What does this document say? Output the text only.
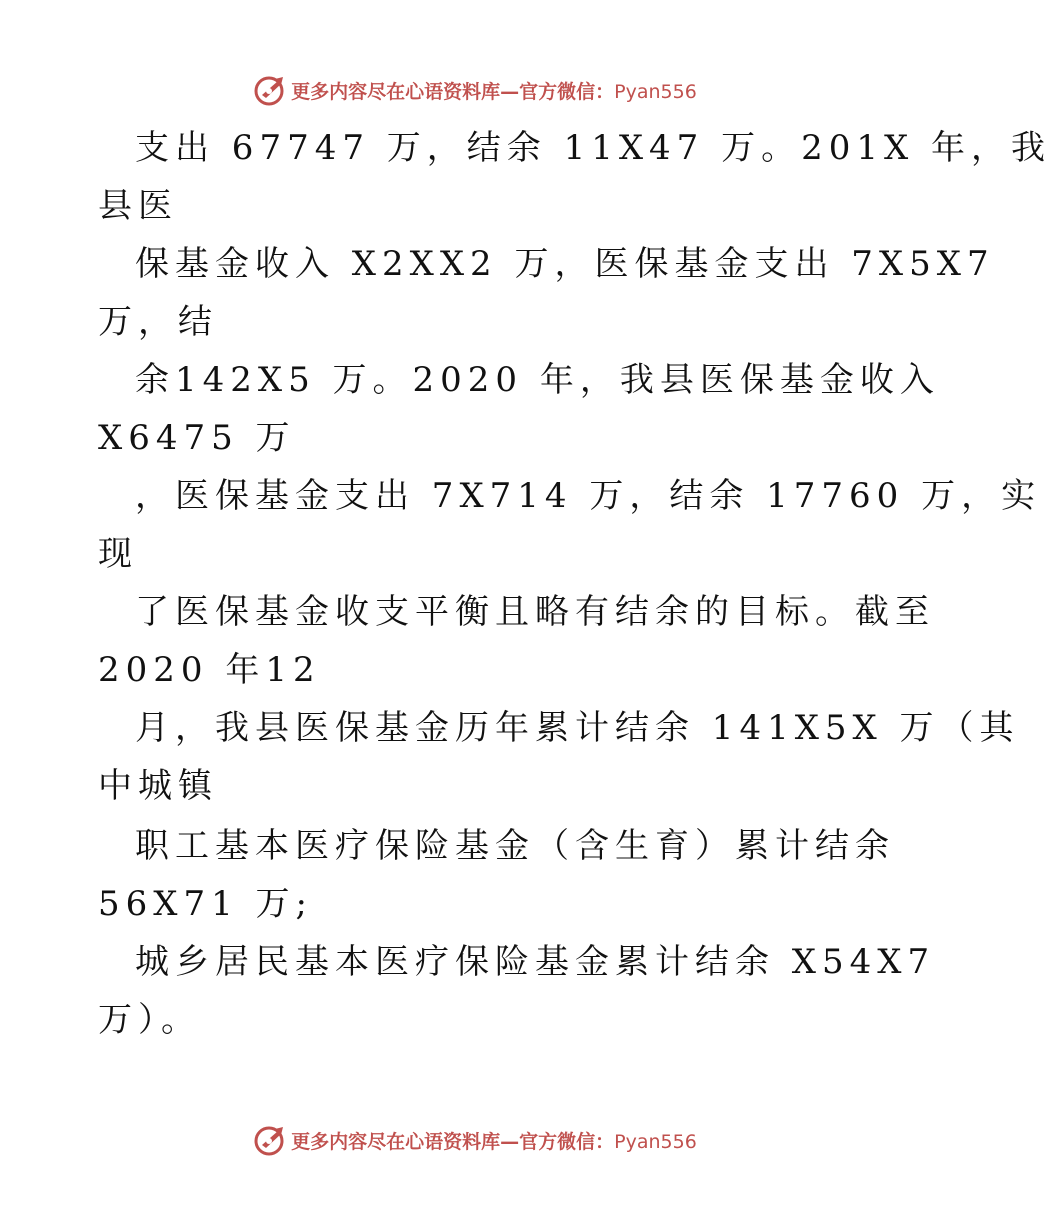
更多内容尽在心语资料库—官方微信：Pyan556
支出 67747 万，结余 11X47 万。201X 年，我
县医
保基金收入 X2XX2 万，医保基金支出 7X5X7
万，结
余142X5 万。2020 年，我县医保基金收入
X6475 万
，医保基金支出 7X714 万，结余 17760 万，实
现
了医保基金收支平衡且略有结余的目标。截至
2020 年12
月，我县医保基金历年累计结余 141X5X 万（其
中城镇
职工基本医疗保险基金（含生育）累计结余
56X71 万;
城乡居民基本医疗保险基金累计结余 X54X7
万）。
更多内容尽在心语资料库—官方微信：Pyan556
